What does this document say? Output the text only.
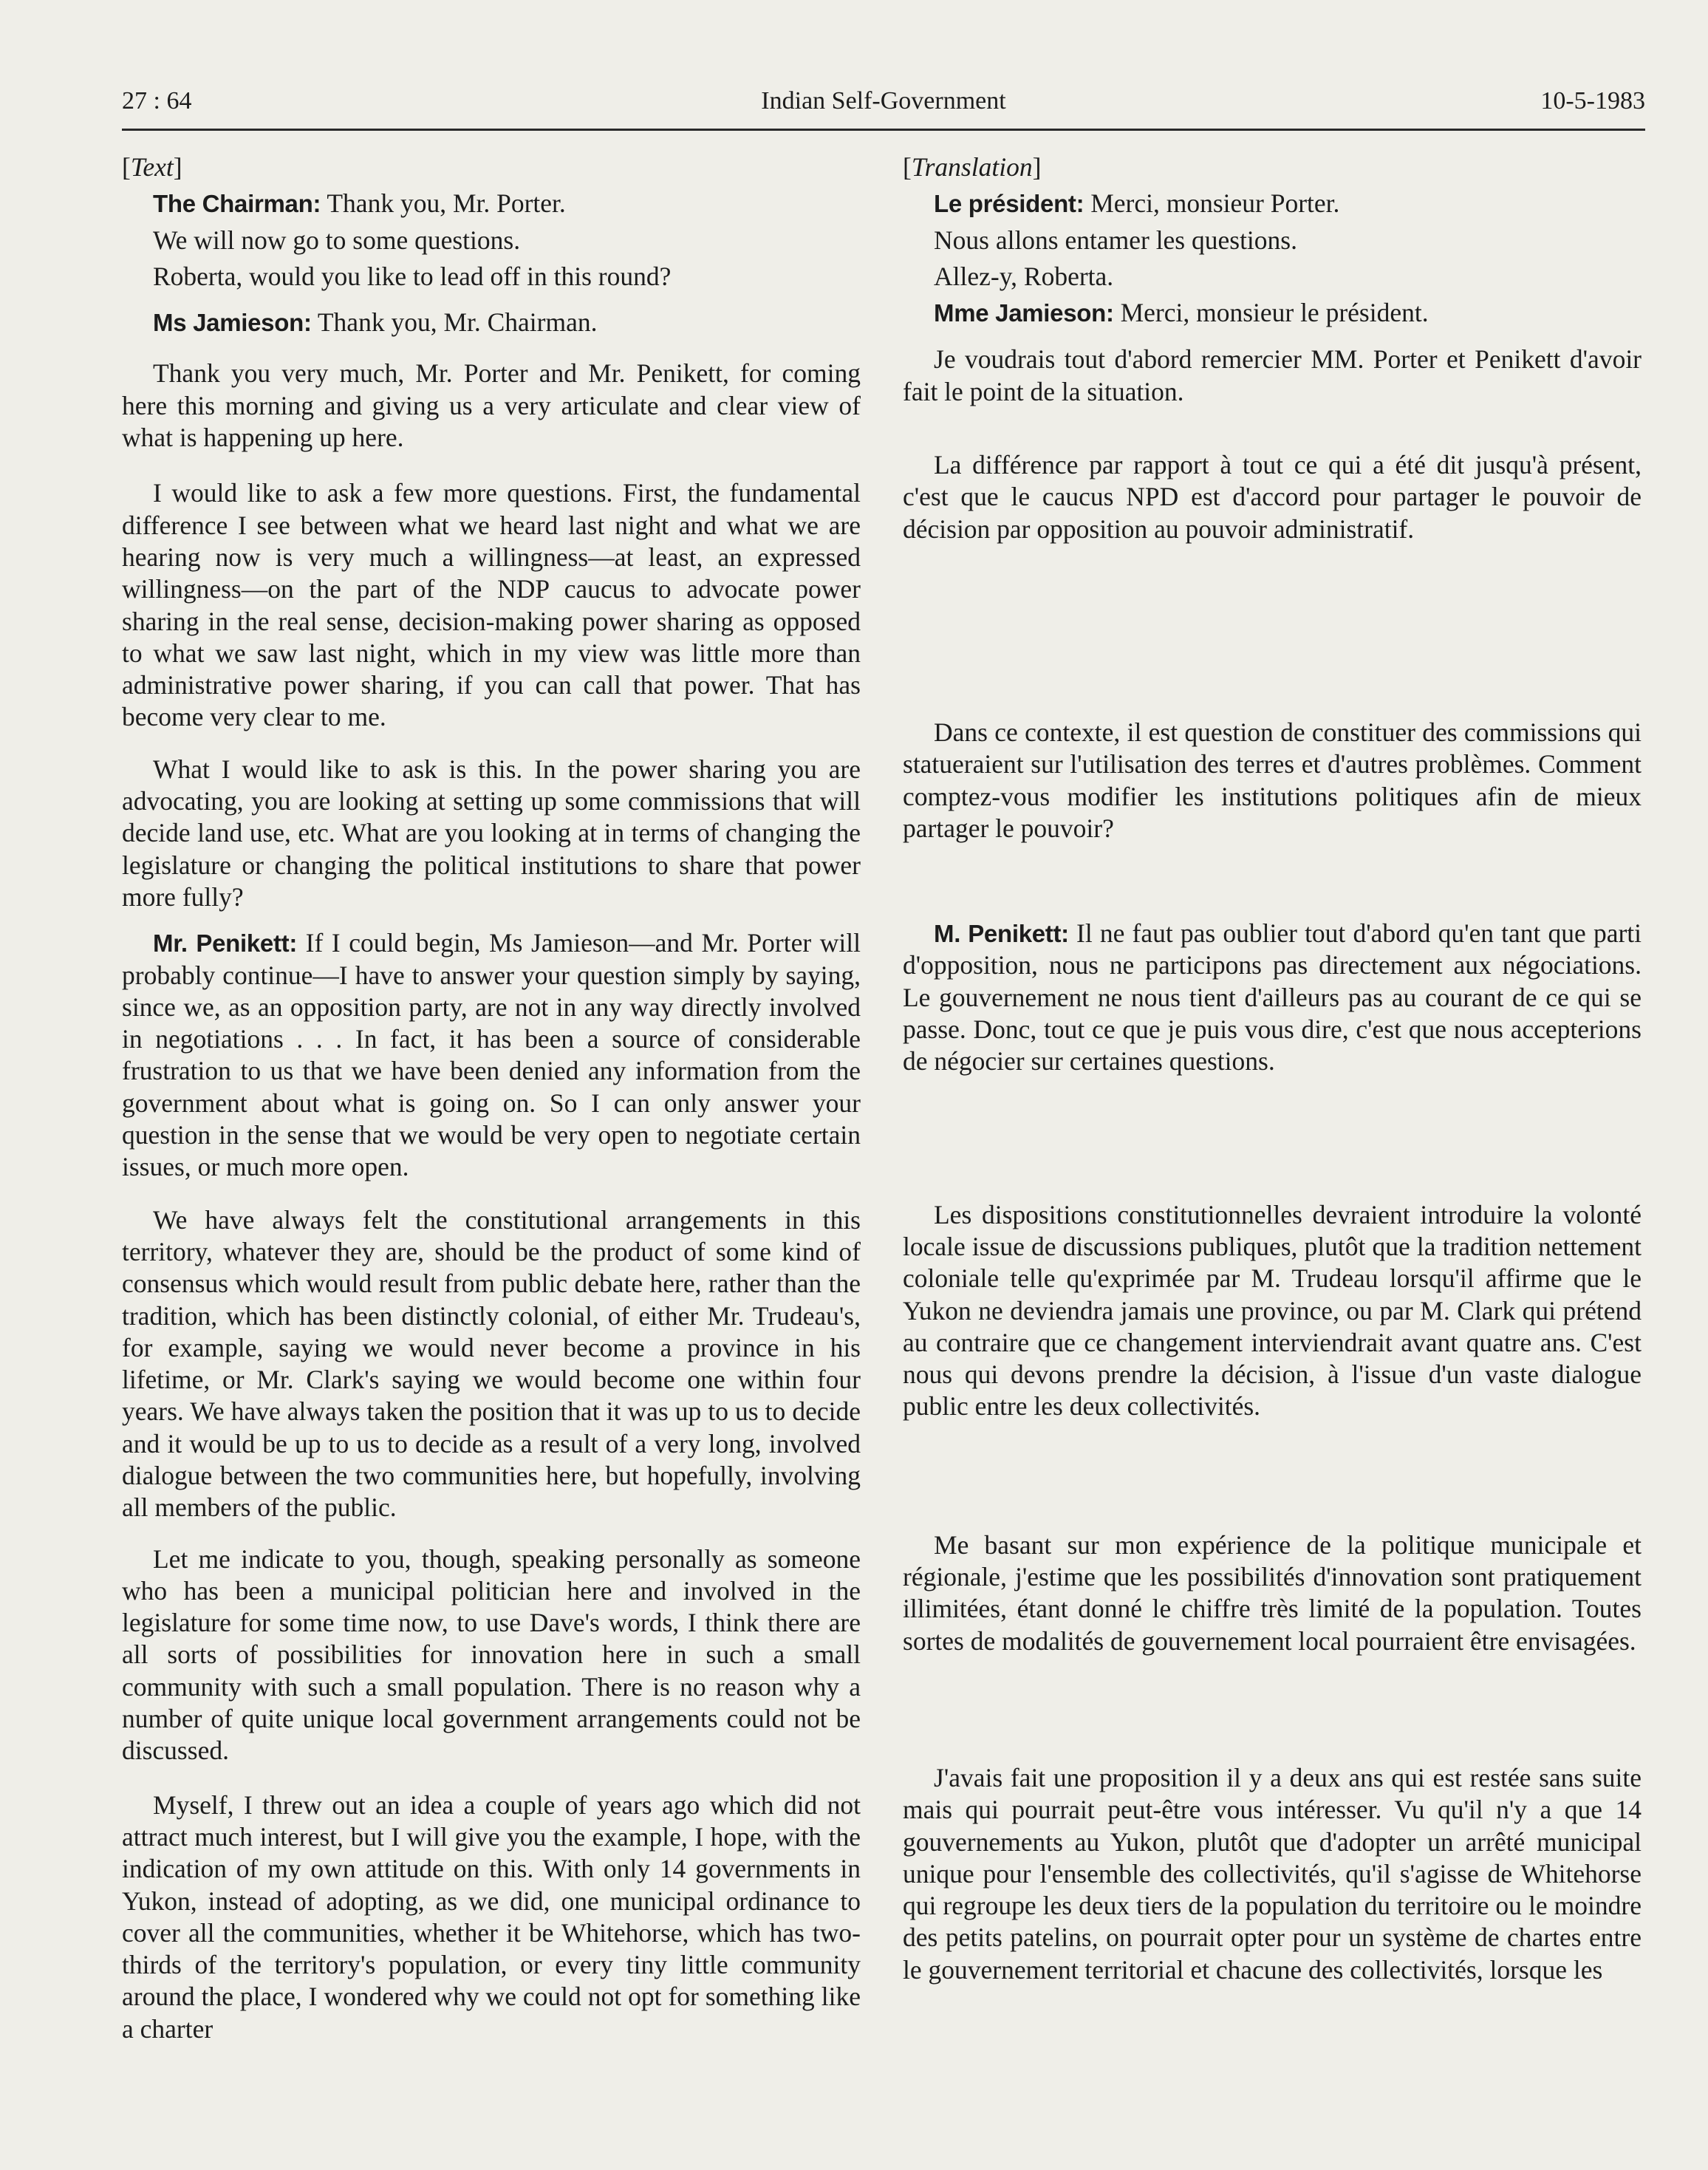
27 : 64	Indian Self-Government	10-5-1983

[Text]

The Chairman: Thank you, Mr. Porter.

We will now go to some questions.

Roberta, would you like to lead off in this round?

Ms Jamieson: Thank you, Mr. Chairman.

Thank you very much, Mr. Porter and Mr. Penikett, for coming here this morning and giving us a very articulate and clear view of what is happening up here.

I would like to ask a few more questions. First, the fundamental difference I see between what we heard last night and what we are hearing now is very much a willingness—at least, an expressed willingness—on the part of the NDP caucus to advocate power sharing in the real sense, decision-making power sharing as opposed to what we saw last night, which in my view was little more than administrative power sharing, if you can call that power. That has become very clear to me.

What I would like to ask is this. In the power sharing you are advocating, you are looking at setting up some commissions that will decide land use, etc. What are you looking at in terms of changing the legislature or changing the political institutions to share that power more fully?

Mr. Penikett: If I could begin, Ms Jamieson—and Mr. Porter will probably continue—I have to answer your question simply by saying, since we, as an opposition party, are not in any way directly involved in negotiations . . . In fact, it has been a source of considerable frustration to us that we have been denied any information from the government about what is going on. So I can only answer your question in the sense that we would be very open to negotiate certain issues, or much more open.

We have always felt the constitutional arrangements in this territory, whatever they are, should be the product of some kind of consensus which would result from public debate here, rather than the tradition, which has been distinctly colonial, of either Mr. Trudeau's, for example, saying we would never become a province in his lifetime, or Mr. Clark's saying we would become one within four years. We have always taken the position that it was up to us to decide and it would be up to us to decide as a result of a very long, involved dialogue between the two communities here, but hopefully, involving all members of the public.

Let me indicate to you, though, speaking personally as someone who has been a municipal politician here and involved in the legislature for some time now, to use Dave's words, I think there are all sorts of possibilities for innovation here in such a small community with such a small population. There is no reason why a number of quite unique local government arrangements could not be discussed.

Myself, I threw out an idea a couple of years ago which did not attract much interest, but I will give you the example, I hope, with the indication of my own attitude on this. With only 14 governments in Yukon, instead of adopting, as we did, one municipal ordinance to cover all the communities, whether it be Whitehorse, which has two-thirds of the territory's population, or every tiny little community around the place, I wondered why we could not opt for something like a charter

[Translation]

Le président: Merci, monsieur Porter.

Nous allons entamer les questions.

Allez-y, Roberta.

Mme Jamieson: Merci, monsieur le président.

Je voudrais tout d'abord remercier MM. Porter et Penikett d'avoir fait le point de la situation.

La différence par rapport à tout ce qui a été dit jusqu'à présent, c'est que le caucus NPD est d'accord pour partager le pouvoir de décision par opposition au pouvoir administratif.

Dans ce contexte, il est question de constituer des commissions qui statueraient sur l'utilisation des terres et d'autres problèmes. Comment comptez-vous modifier les institutions politiques afin de mieux partager le pouvoir?

M. Penikett: Il ne faut pas oublier tout d'abord qu'en tant que parti d'opposition, nous ne participons pas directement aux négociations. Le gouvernement ne nous tient d'ailleurs pas au courant de ce qui se passe. Donc, tout ce que je puis vous dire, c'est que nous accepterions de négocier sur certaines questions.

Les dispositions constitutionnelles devraient introduire la volonté locale issue de discussions publiques, plutôt que la tradition nettement coloniale telle qu'exprimée par M. Trudeau lorsqu'il affirme que le Yukon ne deviendra jamais une province, ou par M. Clark qui prétend au contraire que ce changement interviendrait avant quatre ans. C'est nous qui devons prendre la décision, à l'issue d'un vaste dialogue public entre les deux collectivités.

Me basant sur mon expérience de la politique municipale et régionale, j'estime que les possibilités d'innovation sont pratiquement illimitées, étant donné le chiffre très limité de la population. Toutes sortes de modalités de gouvernement local pourraient être envisagées.

J'avais fait une proposition il y a deux ans qui est restée sans suite mais qui pourrait peut-être vous intéresser. Vu qu'il n'y a que 14 gouvernements au Yukon, plutôt que d'adopter un arrêté municipal unique pour l'ensemble des collectivités, qu'il s'agisse de Whitehorse qui regroupe les deux tiers de la population du territoire ou le moindre des petits patelins, on pourrait opter pour un système de chartes entre le gouvernement territorial et chacune des collectivités, lorsque les
